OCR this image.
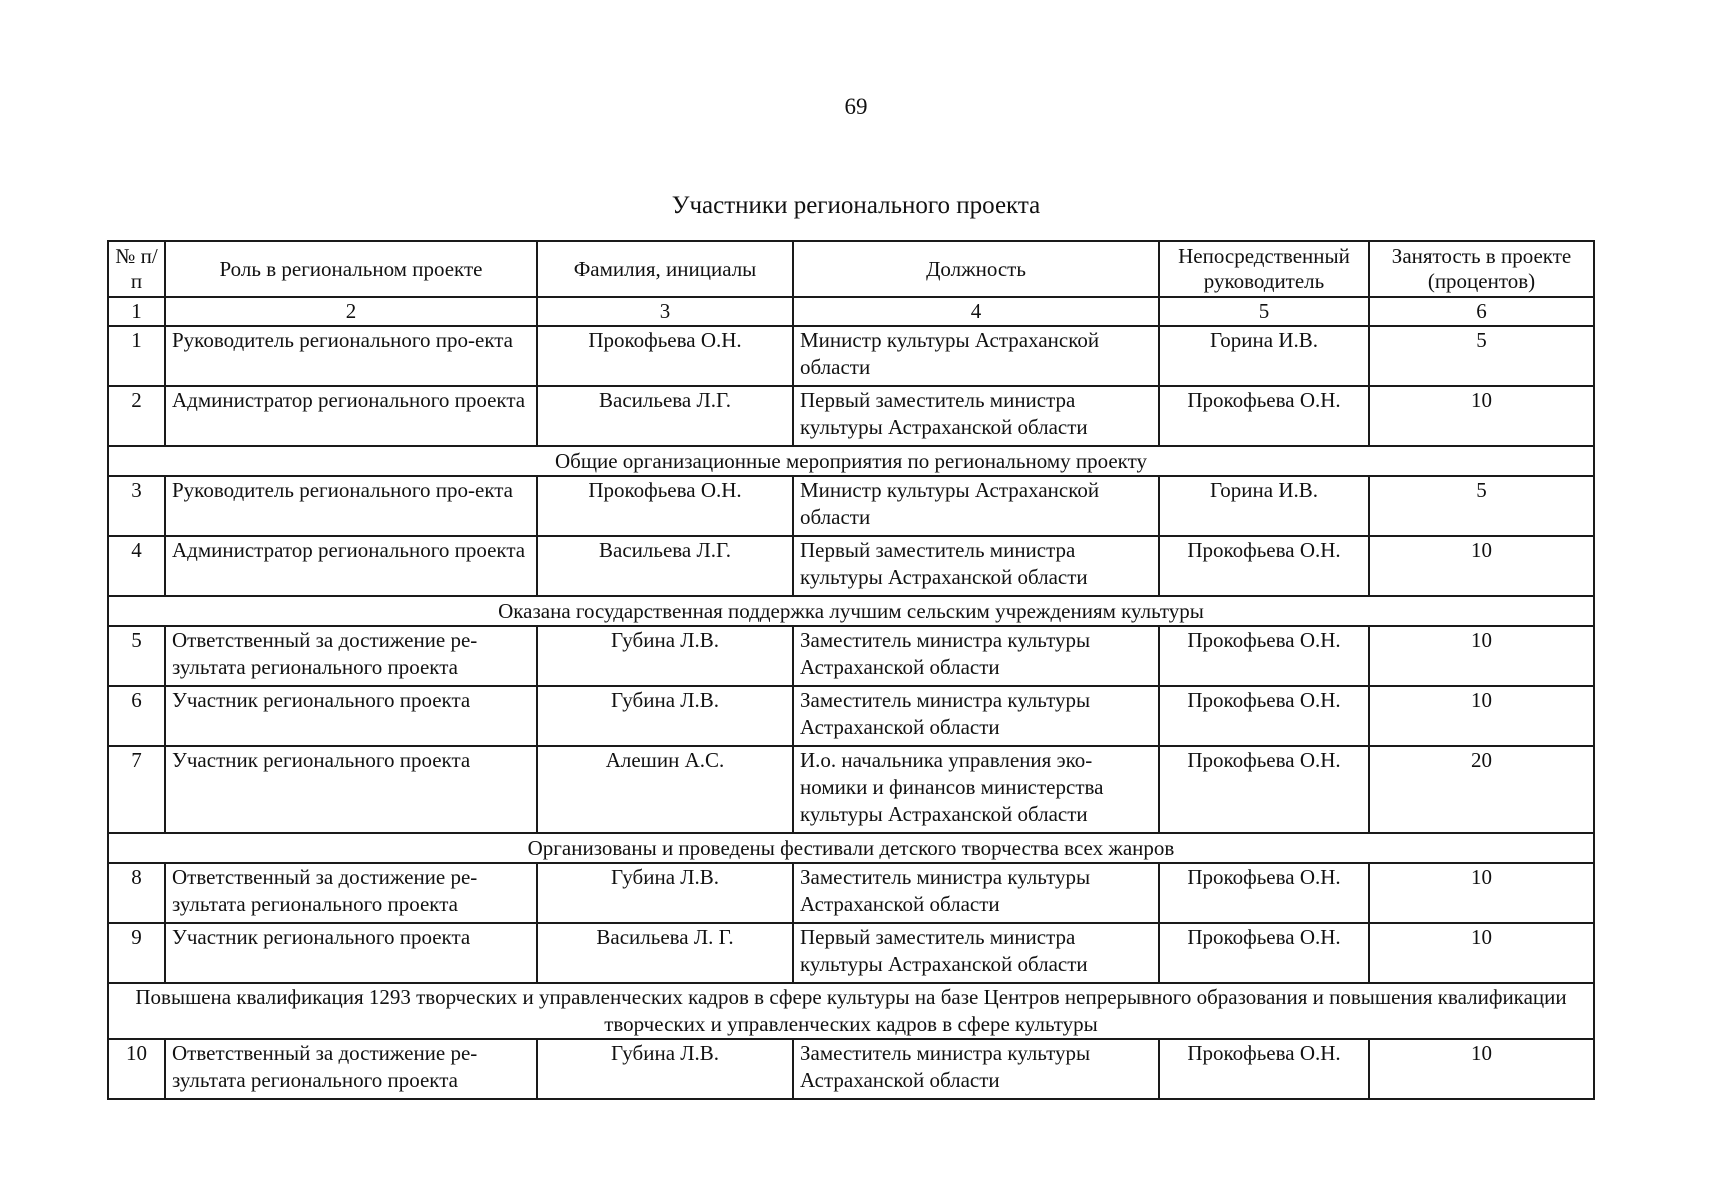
69
Участники регионального проекта
№ п/п	Роль в региональном проекте	Фамилия, инициалы	Должность	Непосредственный руководитель	Занятость в проекте (процентов)
1	2	3	4	5	6
1	Руководитель регионального про-екта	Прокофьева О.Н.	Министр культуры Астраханской области	Горина И.В.	5
2	Администратор регионального проекта	Васильева Л.Г.	Первый заместитель министра культуры Астраханской области	Прокофьева О.Н.	10
Общие организационные мероприятия по региональному проекту					
3	Руководитель регионального про-екта	Прокофьева О.Н.	Министр культуры Астраханской области	Горина И.В.	5
4	Администратор регионального проекта	Васильева Л.Г.	Первый заместитель министра культуры Астраханской области	Прокофьева О.Н.	10
Оказана государственная поддержка лучшим сельским учреждениям культуры					
5	Ответственный за достижение ре-зультата регионального проекта	Губина Л.В.	Заместитель министра культуры Астраханской области	Прокофьева О.Н.	10
6	Участник регионального проекта	Губина Л.В.	Заместитель министра культуры Астраханской области	Прокофьева О.Н.	10
7	Участник регионального проекта	Алешин А.С.	И.о. начальника управления эко-номики и финансов министерства культуры Астраханской области	Прокофьева О.Н.	20
Организованы и проведены фестивали детского творчества всех жанров					
8	Ответственный за достижение ре-зультата регионального проекта	Губина Л.В.	Заместитель министра культуры Астраханской области	Прокофьева О.Н.	10
9	Участник регионального проекта	Васильева Л. Г.	Первый заместитель министра культуры Астраханской области	Прокофьева О.Н.	10
Повышена квалификация 1293 творческих и управленческих кадров в сфере культуры на базе Центров непрерывного образования и повышения квалификации творческих и управленческих кадров в сфере культуры					
10	Ответственный за достижение ре-зультата регионального проекта	Губина Л.В.	Заместитель министра культуры Астраханской области	Прокофьева О.Н.	10
